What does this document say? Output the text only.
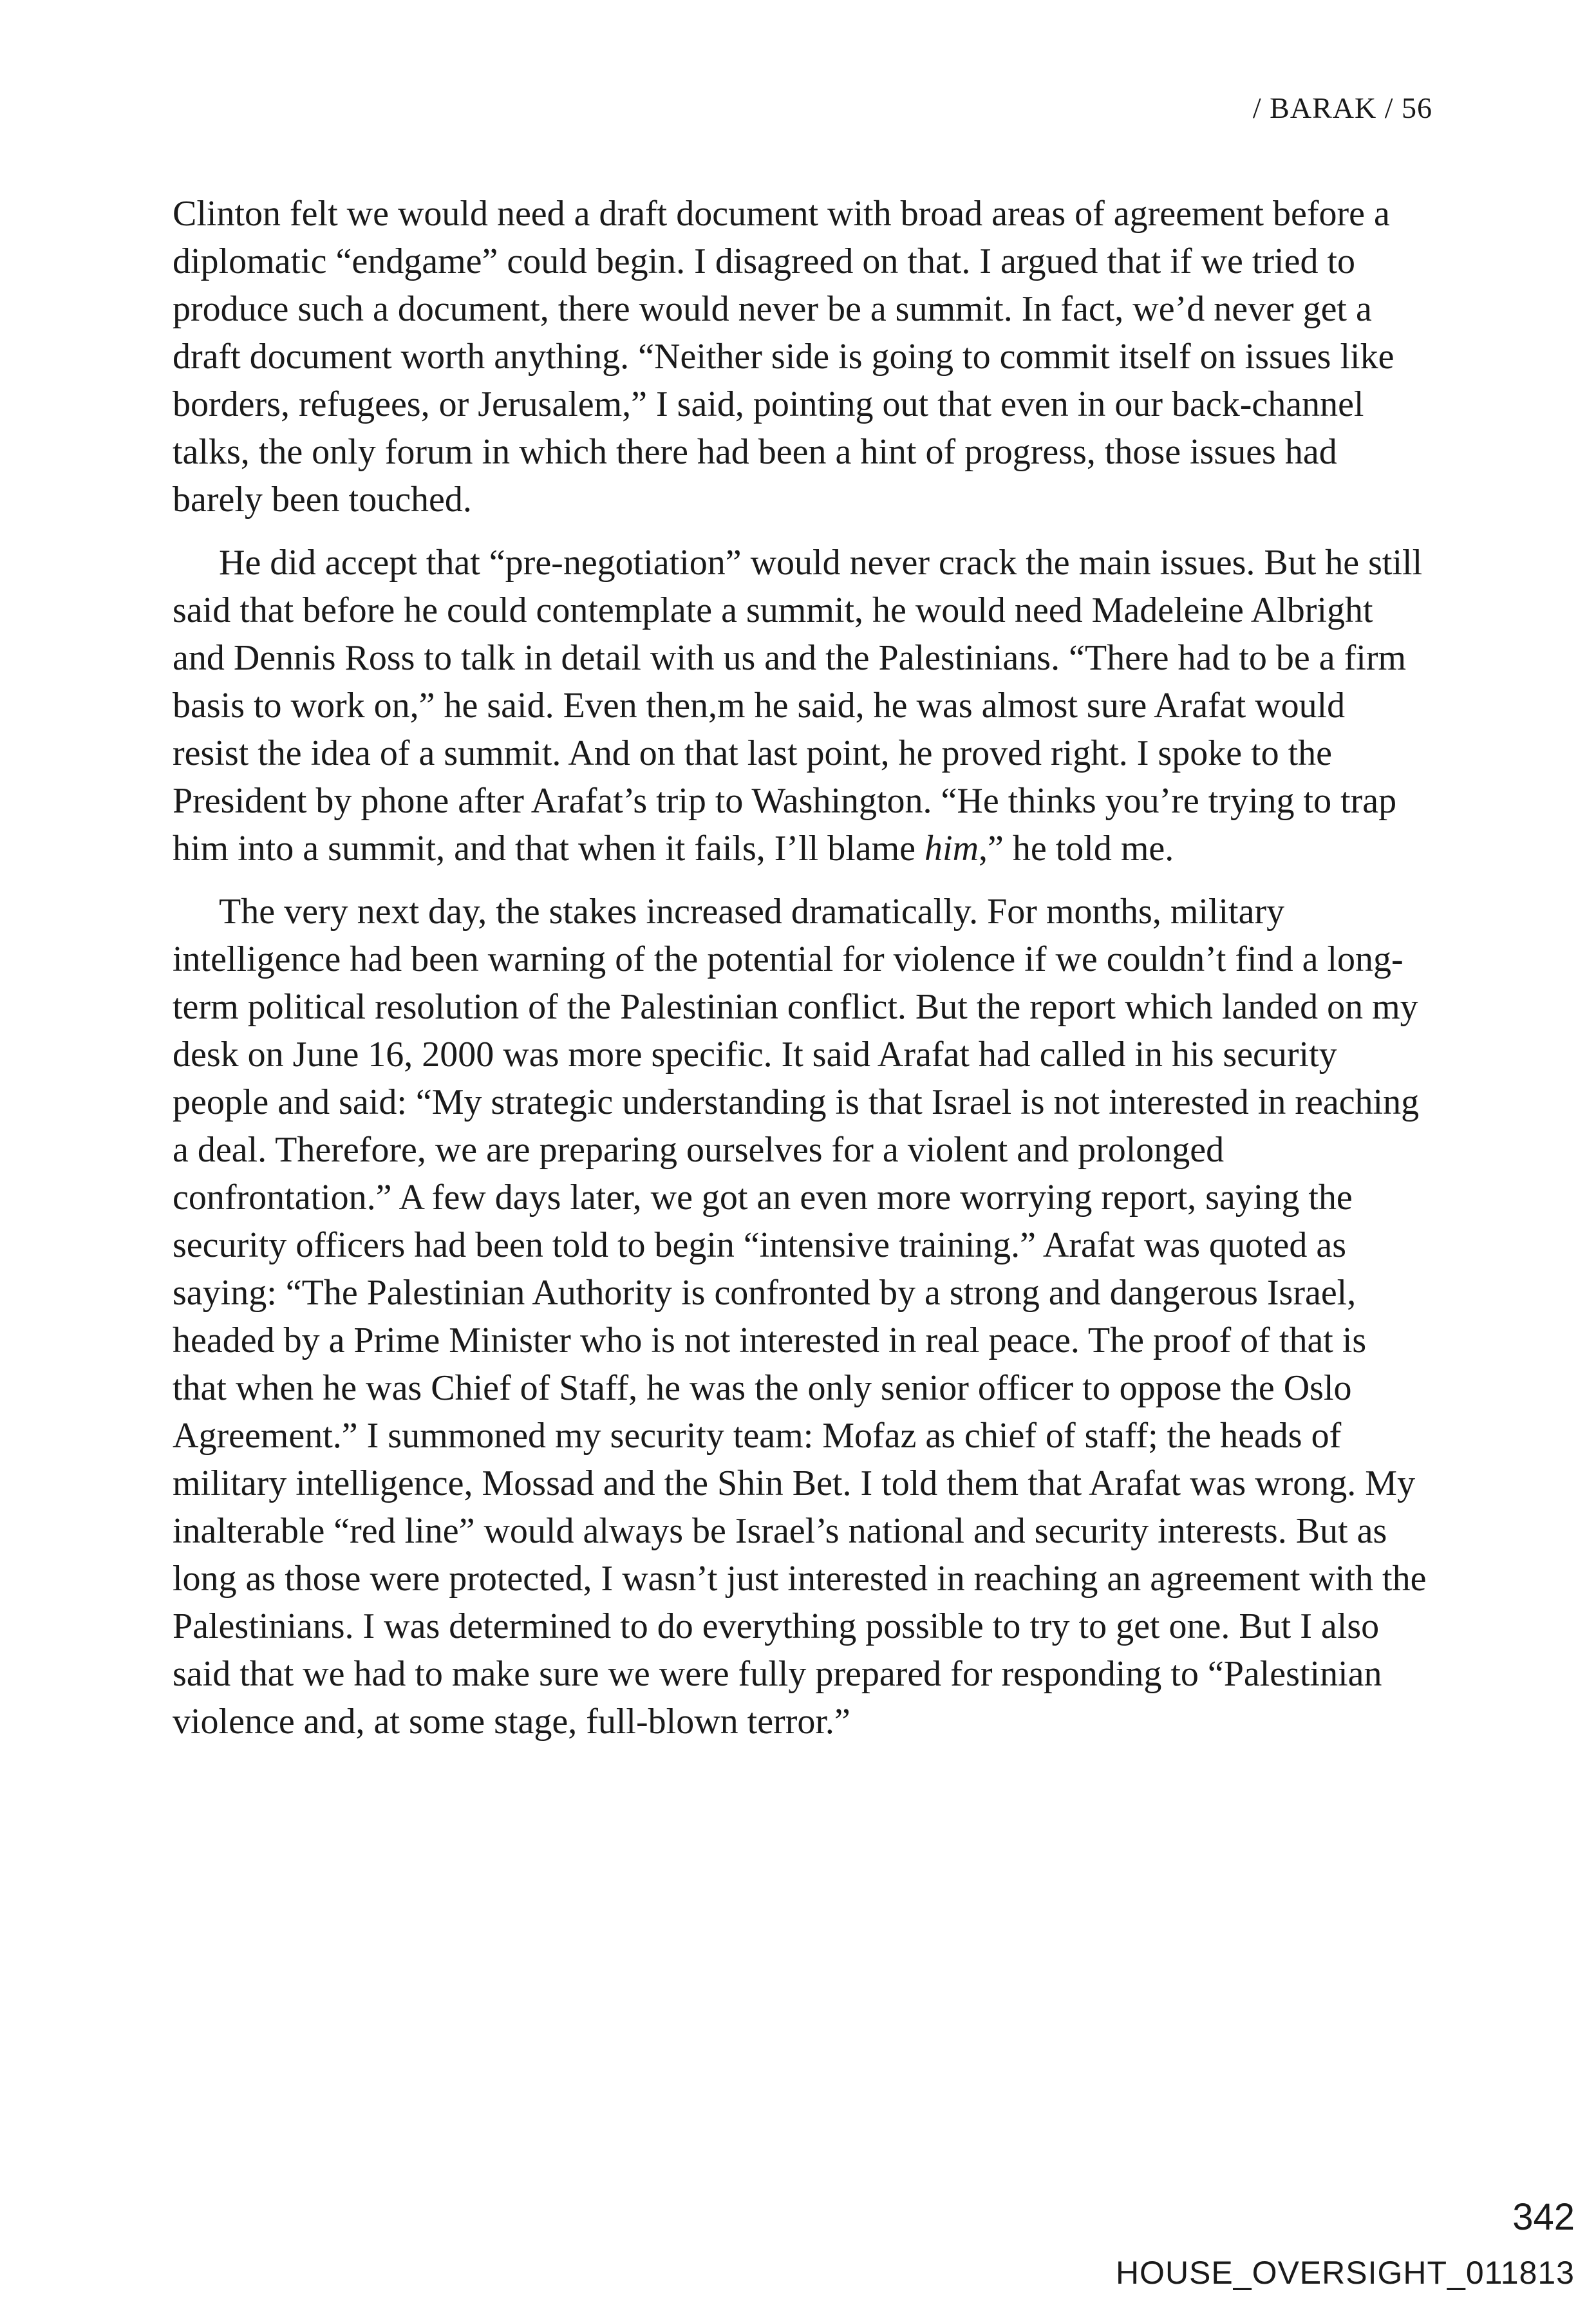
/ BARAK / 56

Clinton felt we would need a draft document with broad areas of agreement before a diplomatic “endgame” could begin. I disagreed on that. I argued that if we tried to produce such a document, there would never be a summit. In fact, we’d never get a draft document worth anything. “Neither side is going to commit itself on issues like borders, refugees, or Jerusalem,” I said, pointing out that even in our back-channel talks, the only forum in which there had been a hint of progress, those issues had barely been touched.

He did accept that “pre-negotiation” would never crack the main issues. But he still said that before he could contemplate a summit, he would need Madeleine Albright and Dennis Ross to talk in detail with us and the Palestinians. “There had to be a firm basis to work on,” he said. Even then,m he said, he was almost sure Arafat would resist the idea of a summit. And on that last point, he proved right. I spoke to the President by phone after Arafat’s trip to Washington. “He thinks you’re trying to trap him into a summit, and that when it fails, I’ll blame him,” he told me.

The very next day, the stakes increased dramatically. For months, military intelligence had been warning of the potential for violence if we couldn’t find a long-term political resolution of the Palestinian conflict. But the report which landed on my desk on June 16, 2000 was more specific. It said Arafat had called in his security people and said: “My strategic understanding is that Israel is not interested in reaching a deal. Therefore, we are preparing ourselves for a violent and prolonged confrontation.” A few days later, we got an even more worrying report, saying the security officers had been told to begin “intensive training.” Arafat was quoted as saying: “The Palestinian Authority is confronted by a strong and dangerous Israel, headed by a Prime Minister who is not interested in real peace. The proof of that is that when he was Chief of Staff, he was the only senior officer to oppose the Oslo Agreement.” I summoned my security team: Mofaz as chief of staff; the heads of military intelligence, Mossad and the Shin Bet. I told them that Arafat was wrong. My inalterable “red line” would always be Israel’s national and security interests. But as long as those were protected, I wasn’t just interested in reaching an agreement with the Palestinians. I was determined to do everything possible to try to get one. But I also said that we had to make sure we were fully prepared for responding to “Palestinian violence and, at some stage, full-blown terror.”

342

HOUSE_OVERSIGHT_011813
